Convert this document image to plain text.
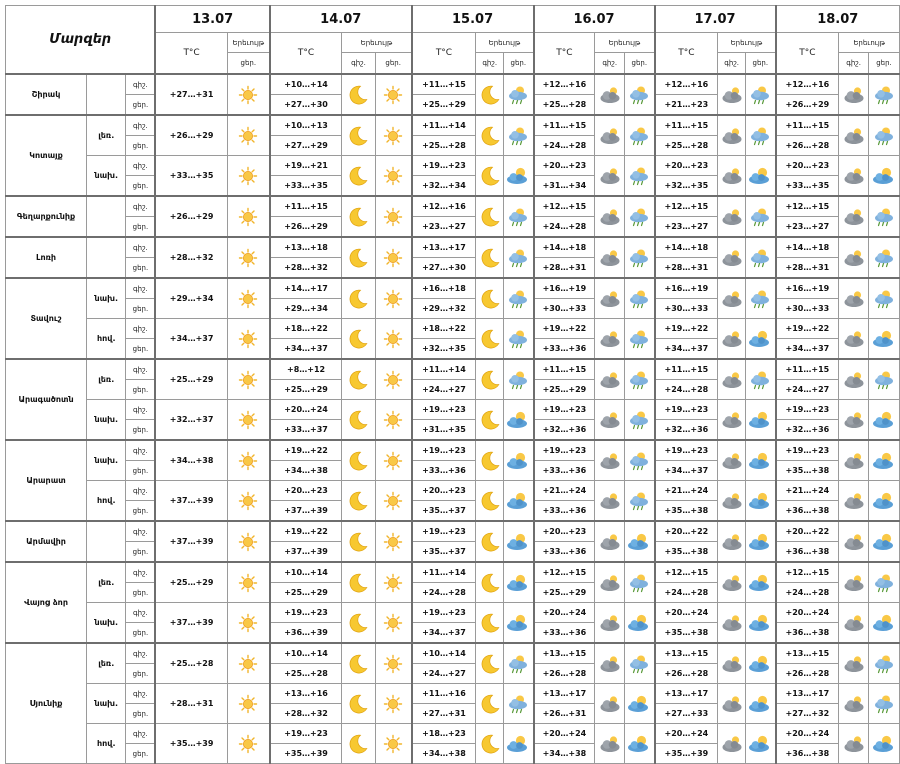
Մարզեր			13.07		14.07			15.07			16.07			17.07			18.07		
			T°C	Երեւույթ	T°C	Երեւույթ		T°C	Երեւույթ		T°C	Երեւույթ		T°C	Երեւույթ		T°C	Երեւույթ	
				ցեր.		գիշ.	ցեր.		գիշ.	ցեր.		գիշ.	ցեր.		գիշ.	ցեր.		գիշ.	ցեր.
Շիրակ		գիշ.	+27…+31		+10…+14			+11…+15			+12…+16			+12…+16			+12…+16	

		ցեր.			+27…+30			+25…+29			+25…+28			+21…+23			+26…+29		
Կոտայք	լեռ.	գիշ.	+26…+29		+10…+13			+11…+14			+11…+15			+11…+15			+11…+15	

		ցեր.			+27…+29			+25…+28			+24…+28			+25…+28			+26…+28		
	նախ.	գիշ.	+33…+35		+19…+21			+19…+23			+20…+23			+20…+23			+20…+23	

		ցեր.			+33…+35			+32…+34			+31…+34			+32…+35			+33…+35		
Գեղարքունիք		գիշ.	+26…+29		+11…+15			+12…+16			+12…+15			+12…+15			+12…+15	

		ցեր.			+26…+29			+23…+27			+24…+28			+23…+27			+23…+27		
Լոռի		գիշ.	+28…+32		+13…+18			+13…+17			+14…+18			+14…+18			+14…+18	

		ցեր.			+28…+32			+27…+30			+28…+31			+28…+31			+28…+31		
Տավուշ	նախ.	գիշ.	+29…+34		+14…+17			+16…+18			+16…+19			+16…+19			+16…+19	

		ցեր.			+29…+34			+29…+32			+30…+33			+30…+33			+30…+33		
	հով.	գիշ.	+34…+37		+18…+22			+18…+22			+19…+22			+19…+22			+19…+22	

		ցեր.			+34…+37			+32…+35			+33…+36			+34…+37			+34…+37		
Արագածոտն	լեռ.	գիշ.	+25…+29		+8…+12			+11…+14			+11…+15			+11…+15			+11…+15	

		ցեր.			+25…+29			+24…+27			+25…+29			+24…+28			+24…+27		
	նախ.	գիշ.	+32…+37		+20…+24			+19…+23			+19…+23			+19…+23			+19…+23	

		ցեր.			+33…+37			+31…+35			+32…+36			+32…+36			+32…+36		
Արարատ	նախ.	գիշ.	+34…+38		+19…+22			+19…+23			+19…+23			+19…+23			+19…+23	

		ցեր.			+34…+38			+33…+36			+33…+36			+34…+37			+35…+38		
	հով.	գիշ.	+37…+39		+20…+23			+20…+23			+21…+24			+21…+24			+21…+24	

		ցեր.			+37…+39			+35…+37			+33…+36			+35…+38			+36…+38		
Արմավիր		գիշ.	+37…+39		+19…+22			+19…+23			+20…+23			+20…+22			+20…+22	

		ցեր.			+37…+39			+35…+37			+33…+36			+35…+38			+36…+38		
Վայոց ձոր	լեռ.	գիշ.	+25…+29		+10…+14			+11…+14			+12…+15			+12…+15			+12…+15	

		ցեր.			+25…+29			+24…+28			+25…+29			+24…+28			+24…+28		
	նախ.	գիշ.	+37…+39		+19…+23			+19…+23			+20…+24			+20…+24			+20…+24	

		ցեր.			+36…+39			+34…+37			+33…+36			+35…+38			+36…+38		
Սյունիք	լեռ.	գիշ.	+25…+28		+10…+14			+10…+14			+13…+15			+13…+15			+13…+15	

		ցեր.			+25…+28			+24…+27			+26…+28			+26…+28			+26…+28		
	նախ.	գիշ.	+28…+31		+13…+16			+11…+16			+13…+17			+13…+17			+13…+17	

		ցեր.			+28…+32			+27…+31			+26…+31			+27…+33			+27…+32		
	հով.	գիշ.	+35…+39		+19…+23			+18…+23			+20…+24			+20…+24			+20…+24	

		ցեր.			+35…+39			+34…+38			+34…+38			+35…+39			+36…+38		
